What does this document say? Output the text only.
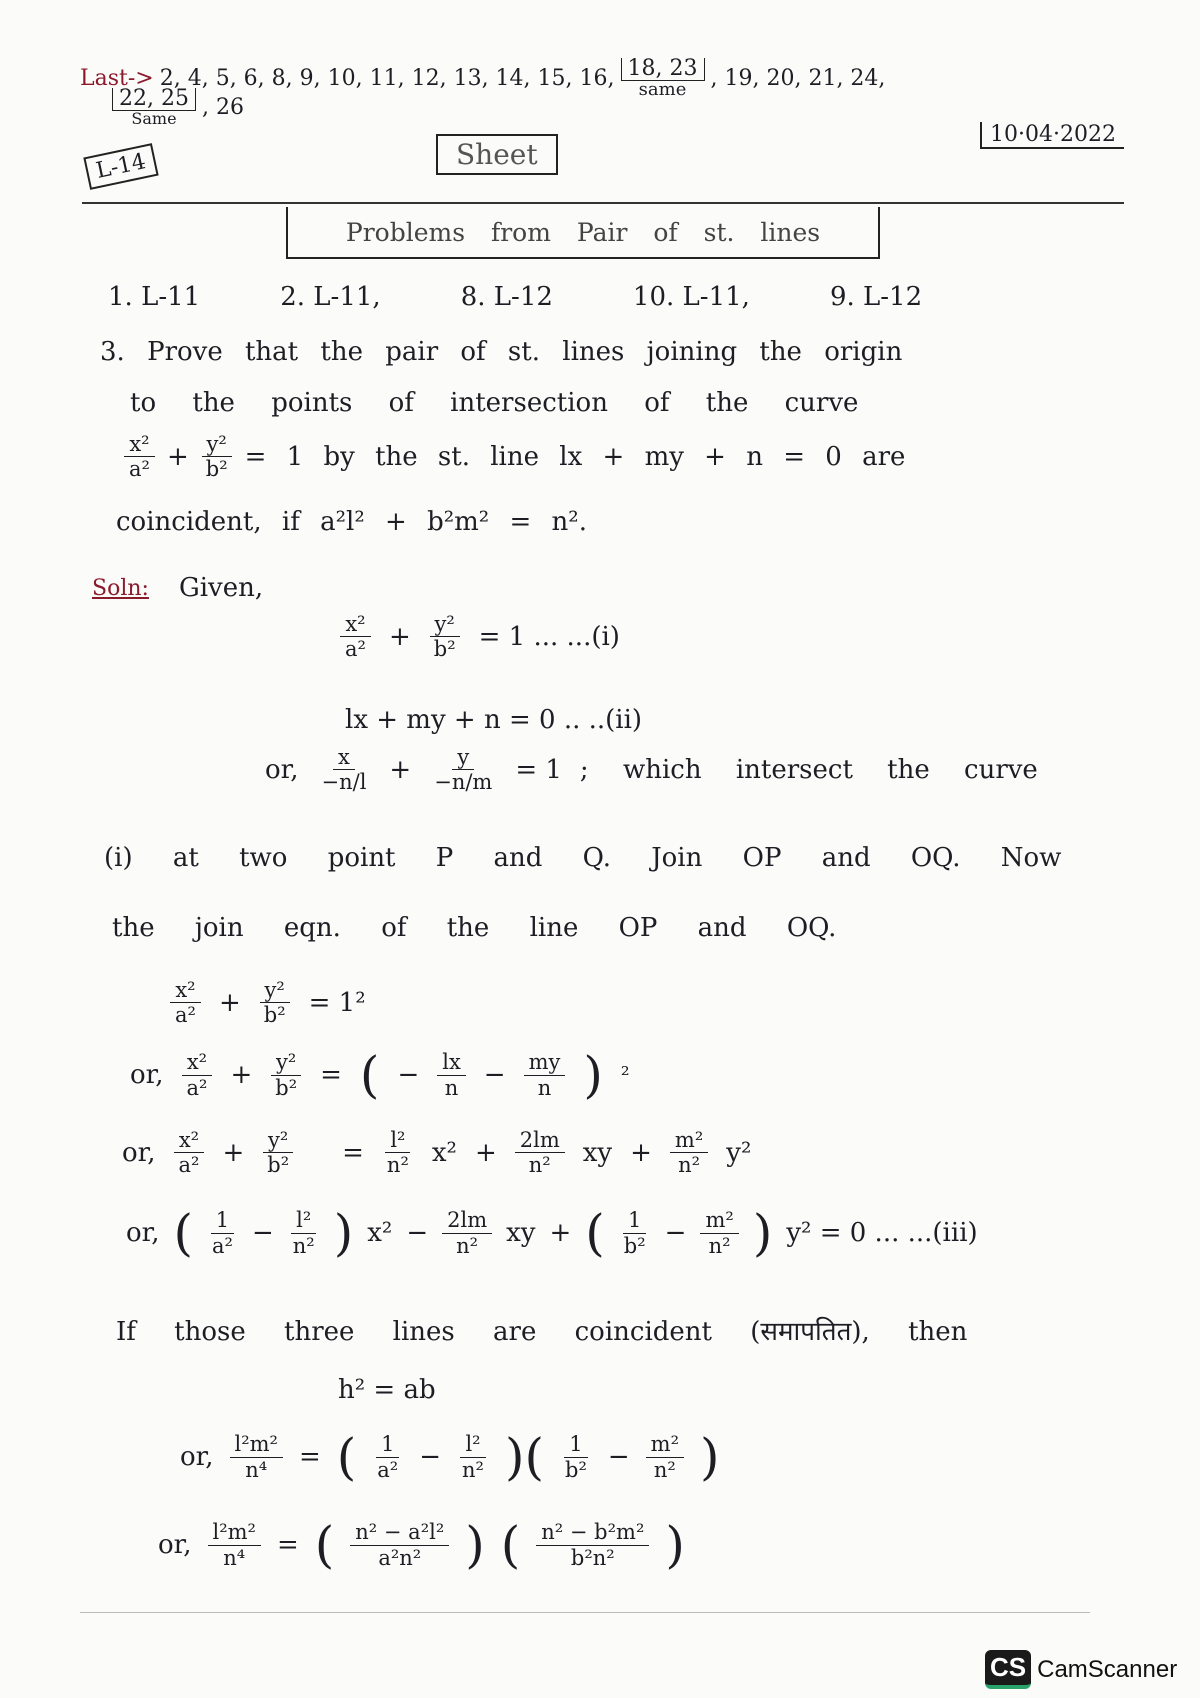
Last-> 2, 4, 5, 6, 8, 9, 10, 11, 12, 13, 14, 15, 16, 18, 23
same , 19, 20, 21, 24,
22, 25
Same , 26
L-14	Sheet
10·04·2022
Problems from Pair of st. lines
1. L-11	2. L-11,	8. L-12	10. L-11,	9. L-12
3. Prove that the pair of st. lines joining the origin
to the points of intersection of the curve
$\frac{\text{x²}}{\text{a²}} + \frac{\text{y²}}{\text{b²}} = 1$ by the st. line lx + my + n = 0 are
coincident, if a²l² + b²m² = n².
Soln: Given,
$\frac{\text{x²}}{\text{a²}} + \frac{\text{y²}}{\text{b²}} = 1$ ... ...(i)
lx + my + n = 0 .. ..(ii)
or, $\frac{x}{-n/l} + \frac{y}{-n/m} = 1$ ; which intersect the curve
(i) at two point P and Q. Join OP and OQ. Now
the join eqn. of the line OP and OQ.
$\frac{\text{x²}}{\text{a²}} + \frac{\text{y²}}{\text{b²}} = 1^2$
or, $\frac{\text{x²}}{\text{a²}} + \frac{\text{y²}}{\text{b²}}$ = ( − $\frac{lx}{n} - \frac{my}{n}$ ) ²
or, $\frac{\text{x²}}{\text{a²}} + \frac{\text{y²}}{\text{b²}} = \frac{\text{l²}}{\text{n²}} x^2 + \frac{2lm}{\text{n²}}$ xy + $\frac{\text{m²}}{\text{n²}} y^2$
or, ( $\frac{1}{\text{a²}} - \frac{\text{l²}}{\text{n²}}$ ) $x^2 - \frac{2lm}{\text{n²}}$ xy + ( $\frac{1}{\text{b²}} - \frac{\text{m²}}{\text{n²}}$ ) y² = 0 ... ...(iii)
If those three lines are coincident (समापतित), then
h² = ab
or, $\frac{\text{l²m²}}{\text{n⁴}}$ = ( $\frac{1}{\text{a²}} - \frac{\text{l²}}{\text{n²}}$ )( $\frac{1}{\text{b²}} - \frac{\text{m²}}{\text{n²}}$ )
or, $\frac{\text{l²m²}}{\text{n⁴}}$ = ( $\frac{\text{n² − a²l²}}{\text{a²n²}}$ ) ( $\frac{\text{n² − b²m²}}{\text{b²n²}}$ )
CS CamScanner
